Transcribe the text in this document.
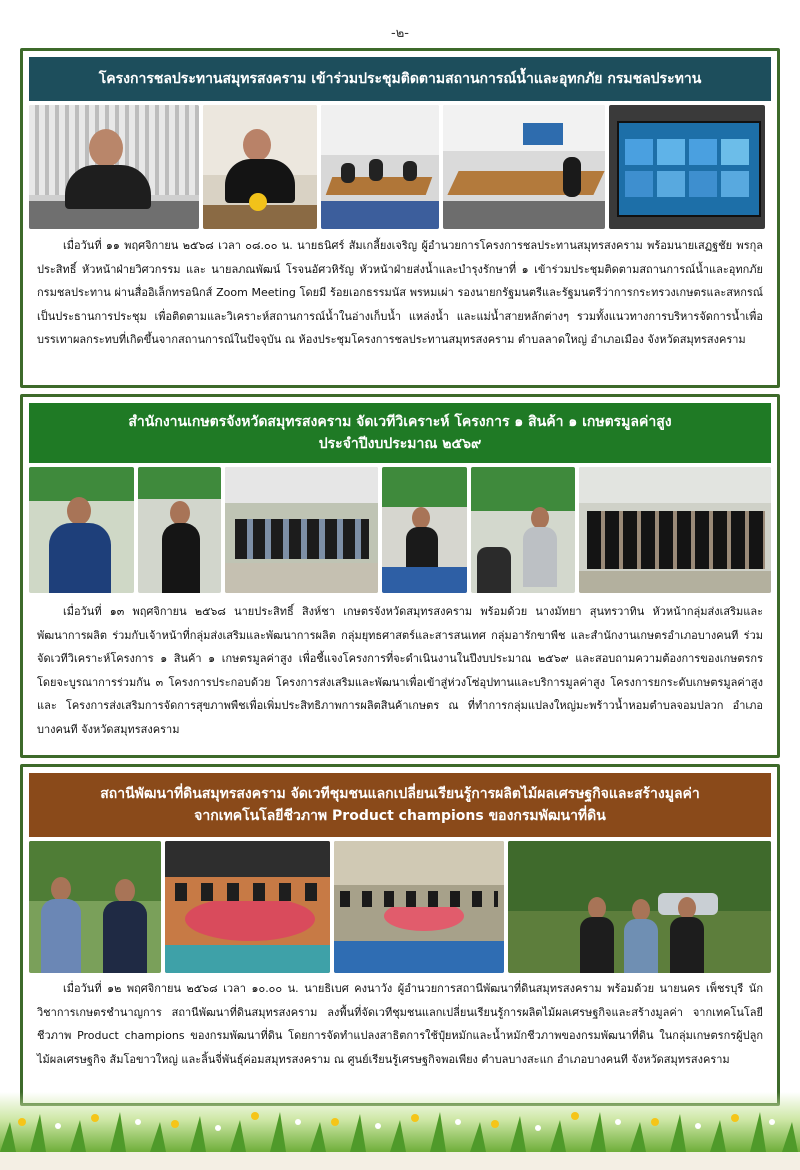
-๒-
โครงการชลประทานสมุทรสงคราม เข้าร่วมประชุมติดตามสถานการณ์น้ำและอุทกภัย กรมชลประทาน

เมื่อวันที่ ๑๑ พฤศจิกายน ๒๕๖๘ เวลา ๐๘.๐๐ น. นายธนิศร์ สัมเกลี้ยงเจริญ ผู้อำนวยการโครงการชลประทานสมุทรสงคราม พร้อมนายเสฏฐชัย พรกุลประสิทธิ์ หัวหน้าฝ่ายวิศวกรรม และ นายลภณพัฒน์ โรจนอัศวหิรัญ หัวหน้าฝ่ายส่งน้ำและบำรุงรักษาที่ ๑ เข้าร่วมประชุมติดตามสถานการณ์น้ำและอุทกภัย กรมชลประทาน ผ่านสื่ออิเล็กทรอนิกส์ Zoom Meeting โดยมี ร้อยเอกธรรมนัส พรหมเผ่า รองนายกรัฐมนตรีและรัฐมนตรีว่าการกระทรวงเกษตรและสหกรณ์ เป็นประธานการประชุม เพื่อติดตามและวิเคราะห์สถานการณ์น้ำในอ่างเก็บน้ำ แหล่งน้ำ และแม่น้ำสายหลักต่างๆ รวมทั้งแนวทางการบริหารจัดการน้ำเพื่อบรรเทาผลกระทบที่เกิดขึ้นจากสถานการณ์ในปัจจุบัน ณ ห้องประชุมโครงการชลประทานสมุทรสงคราม ตำบลลาดใหญ่ อำเภอเมือง จังหวัดสมุทรสงคราม

สำนักงานเกษตรจังหวัดสมุทรสงคราม จัดเวทีวิเคราะห์ โครงการ ๑ สินค้า ๑ เกษตรมูลค่าสูง
ประจำปีงบประมาณ ๒๕๖๙

เมื่อวันที่ ๑๓ พฤศจิกายน ๒๕๖๘ นายประสิทธิ์ สิงห์ชา เกษตรจังหวัดสมุทรสงคราม พร้อมด้วย นางมัทยา สุนทรวาทิน หัวหน้ากลุ่มส่งเสริมและพัฒนาการผลิต ร่วมกับเจ้าหน้าที่กลุ่มส่งเสริมและพัฒนาการผลิต กลุ่มยุทธศาสตร์และสารสนเทศ กลุ่มอารักขาพืช และสำนักงานเกษตรอำเภอบางคนที ร่วมจัดเวทีวิเคราะห์โครงการ ๑ สินค้า ๑ เกษตรมูลค่าสูง เพื่อชี้แจงโครงการที่จะดำเนินงานในปีงบประมาณ ๒๕๖๙ และสอบถามความต้องการของเกษตรกร โดยจะบูรณาการร่วมกัน ๓ โครงการประกอบด้วย โครงการส่งเสริมและพัฒนาเพื่อเข้าสู่ห่วงโซ่อุปทานและบริการมูลค่าสูง โครงการยกระดับเกษตรมูลค่าสูง และ โครงการส่งเสริมการจัดการสุขภาพพืชเพื่อเพิ่มประสิทธิภาพการผลิตสินค้าเกษตร ณ ที่ทำการกลุ่มแปลงใหญ่มะพร้าวน้ำหอมตำบลจอมปลวก อำเภอบางคนที จังหวัดสมุทรสงคราม

สถานีพัฒนาที่ดินสมุทรสงคราม จัดเวทีชุมชนแลกเปลี่ยนเรียนรู้การผลิตไม้ผลเศรษฐกิจและสร้างมูลค่า
จากเทคโนโลยีชีวภาพ Product champions ของกรมพัฒนาที่ดิน

เมื่อวันที่ ๑๒ พฤศจิกายน ๒๕๖๘ เวลา ๑๐.๐๐ น. นายธิเบศ คงนาวัง ผู้อำนวยการสถานีพัฒนาที่ดินสมุทรสงคราม พร้อมด้วย นายนคร เพ็ชรบุรี นักวิชาการเกษตรชำนาญการ สถานีพัฒนาที่ดินสมุทรสงคราม ลงพื้นที่จัดเวทีชุมชนแลกเปลี่ยนเรียนรู้การผลิตไม้ผลเศรษฐกิจและสร้างมูลค่า จากเทคโนโลยีชีวภาพ Product champions ของกรมพัฒนาที่ดิน โดยการจัดทำแปลงสาธิตการใช้ปุ๋ยหมักและน้ำหมักชีวภาพของกรมพัฒนาที่ดิน ในกลุ่มเกษตรกรผู้ปลูกไม้ผลเศรษฐกิจ ส้มโอขาวใหญ่ และลิ้นจี่พันธุ์ค่อมสมุทรสงคราม ณ ศูนย์เรียนรู้เศรษฐกิจพอเพียง ตำบลบางสะแก อำเภอบางคนที จังหวัดสมุทรสงคราม
